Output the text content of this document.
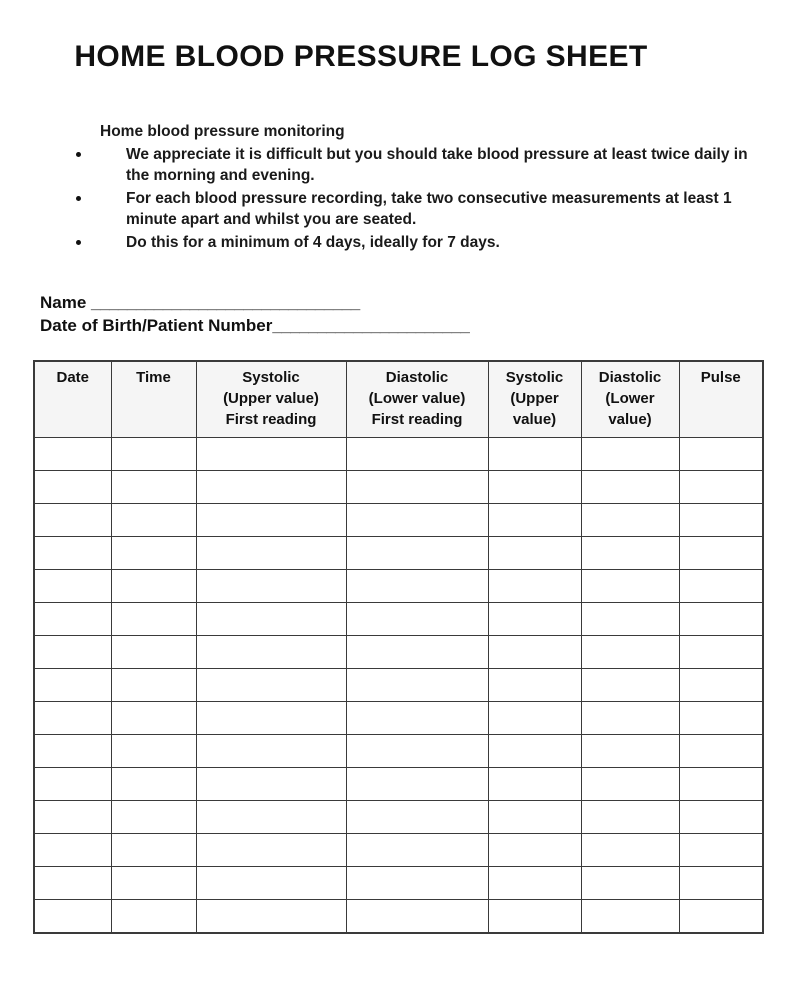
HOME BLOOD PRESSURE LOG SHEET

Home blood pressure monitoring

We appreciate it is difficult but you should take blood pressure at least twice daily in the morning and evening.
For each blood pressure recording, take two consecutive measurements at least 1 minute apart and whilst you are seated.
Do this for a minimum of 4 days, ideally for 7 days.
Name ______________________________
Date of Birth/Patient Number______________________
Date	Time	Systolic
(Upper value)
First reading	Diastolic
(Lower value)
First reading	Systolic
(Upper
value)	Diastolic
(Lower
value)	Pulse
